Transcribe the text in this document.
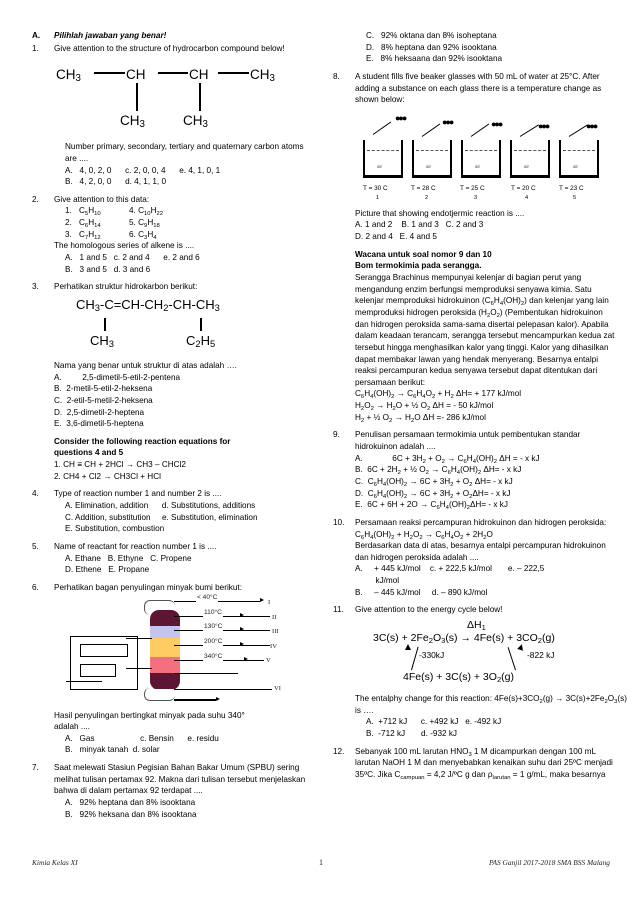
A.	Pilihlah jawaban yang benar!
1.	Give attention to the structure of hydrocarbon compound below!
$CH_3$	CH	CH	$CH_3$
$CH_3$	$CH_3$
Number primary, secondary, tertiary and quaternary carbon atoms are ....
A.   4, 0, 2, 0      c. 2, 0, 0, 4      e. 4, 1, 0, 1
B.   4, 2, 0, 0      d. 4, 1, 1, 0
2.	Give attention to this data:
1. $C_5H_{10}$	4. $C_{10}H_{22}$
2. $C_6H_{14}$	5. $C_9H_{18}$
3. $C_7H_{12}$	6. $C_3H_4$
The homologous series of alkene is ....
A.   1 and 5   c. 2 and 4      e. 2 and 6
B.   3 and 5   d. 3 and 6
3.	Perhatikan struktur hidrokarbon berikut:
$CH_3-C=CH-CH_2-CH-CH_3$
$CH_3$	$C_2H_5$
Nama yang benar untuk struktur di atas adalah ….
A.         2,5-dimetil-5-etil-2-pentena
B.  2-metil-5-etil-2-heksena
C.  2-etil-5-metil-2-heksena
D.  2,5-dimetil-2-heptena
E.  3,6-dimetil-5-heptena
Consider the following reaction equations for
questions 4 and 5
1. CH ≡ CH + 2HCl → CH3 – CHCl2
2. CH4 + Cl2 → CH3Cl + HCl
4.	Type of reaction number 1 and number 2 is ....
A. Elimination, addition      d. Substitutions, additions
C. Addition, substitution     e. Substitution, elimination
E. Substitution, combustion
5.	Name of reactant for reaction number 1 is ....
A. Ethane   B. Ethyne   C. Propene
D. Ethene   E. Propane
6.	Perhatikan bagan penyulingan minyak bumi berikut:
< 40°C
I
110°C
II
130°C
III
200°C
IV
340°C
V
VI
Hasil penyulingan bertingkat minyak pada suhu 340°
adalah ....
A.   Gas                    c. Bensin      e. residu
B.   minyak tanah  d. solar
7.	Saat melewati Stasiun Pegisian Bahan Bakar Umum (SPBU) sering melihat tulisan pertamax 92. Makna dari tulisan tersebut menjelaskan bahwa di dalam pertamax 92 terdapat ....
A.   92% heptana dan 8% isooktana
B.   92% heksana dan 8% isooktana
C.   92% oktana dan 8% isoheptana
D.   8% heptana dan 92% isooktana
E.   8% heksaana dan 92% isooktana
8.	A student fills five beaker glasses with 50 mL of water at 25°C. After adding a substance on each glass there is a temperature change as shown below:
air
●●●
T = 30 C
1
air
●●●
T = 28 C
2
air
●●●
T = 25 C
3
air
●●●
T = 20 C
4
air
●●●
T = 23 C
5
Picture that showing endotjermic reaction is ....
A. 1 and 2    B. 1 and 3   C. 2 and 3
D. 2 and 4   E. 4 and 5
Wacana untuk soal nomor 9 dan 10
Bom termokimia pada serangga.
Serangga Brachinus mempunyai kelenjar di bagian perut yang mengandung enzim berfungsi memproduksi senyawa kimia. Satu kelenjar memproduksi hidrokuinon $(C_6H_4(OH)_2)$ dan kelenjar yang lain memproduksi hidrogen peroksida $(H_2O_2)$ (Pembentukan hidrokuinon dan hidrogen peroksida sama-sama disertai pelepasan kalor). Apabila dalam keadaan terancam, serangga tersebut mencampurkan kedua zat tersebut hingga menghasilkan kalor yang tinggi. Kalor yang dihasilkan dapat membakar lawan yang hendak menyerang. Besarnya entalpi reaksi percampuran kedua senyawa tersebut dapat ditentukan dari persamaan berikut:
$C_6H_4(OH)_2 \to C_6H_4O_2 + H_2$ ΔH= + 177 kJ/mol
$H_2O_2 \to H_2O$ + ½ $O_2$ ΔH = - 50 kJ/mol
$H_2$ + ½ $O_2 \to H_2O$ ΔH =- 286 kJ/mol
9.	Penulisan persamaan termokimia untuk pembentukan standar hidrokuinon adalah ....
A.             $6C + 3H_2 + O_2 \to C_6H_4(OH)_2$ ΔH = - x kJ
B.  $6C + 2H_2$ + ½ $O_2 \to C_6H_4(OH)_2$ ΔH= - x kJ
C.  $C_6H_4(OH)_2 \to 6C + 3H_2 + O_2$ ΔH= - x kJ
D.  $C_6H_4(OH)_2 \to 6C + 3H_2 + O_2\Delta H= - x$ kJ
E.  $6C + 6H + 2O \to C_6H_4(OH)_2\Delta H= - x$ kJ
10.	Persamaan reaksi percampuran hidrokuinon dan hidrogen peroksida:
$C_6H_4(OH)_2 + H_2O_2 \to C_6H_4O_2 + 2H_2O$
Berdasarkan data di atas, besarnya entalpi percampuran hidrokuinon dan hidrogen peroksida adalah ....
A.     + 445 kJ/mol    c. + 222,5 kJ/mol       e. – 222,5
kJ/mol
B.     – 445 kJ/mol     d. – 890 kJ/mol
11.	Give attention to the energy cycle below!
$\Delta H_1$
$3C(s) + 2Fe_2O_3(s) \to 4Fe(s) + 3CO_2(g)$
$4Fe(s) + 3C(s) + 3O_2(g)$
-330kJ	-822 kJ
The entalphy change for this reaction: $4Fe(s)+3CO_2(g) \to 3C(s)+2Fe_2O_3(s)$ is ….
A.  +712 kJ      c. +492 kJ   e. -492 kJ
B.  -712 kJ       d. -932 kJ
12.	Sebanyak 100 mL larutan $HNO_3$ 1 M dicampurkan dengan 100 mL larutan NaOH 1 M dan menyebabkan kenaikan suhu dari 25ºC menjadi 35ºC. Jika $C_{campuan} = 4,2$ J/ºC g dan $\rho_{larutan} = 1$ g/mL, maka besarnya
Kimia Kelas XI	1	PAS Ganjil 2017-2018 SMA BSS Malang
